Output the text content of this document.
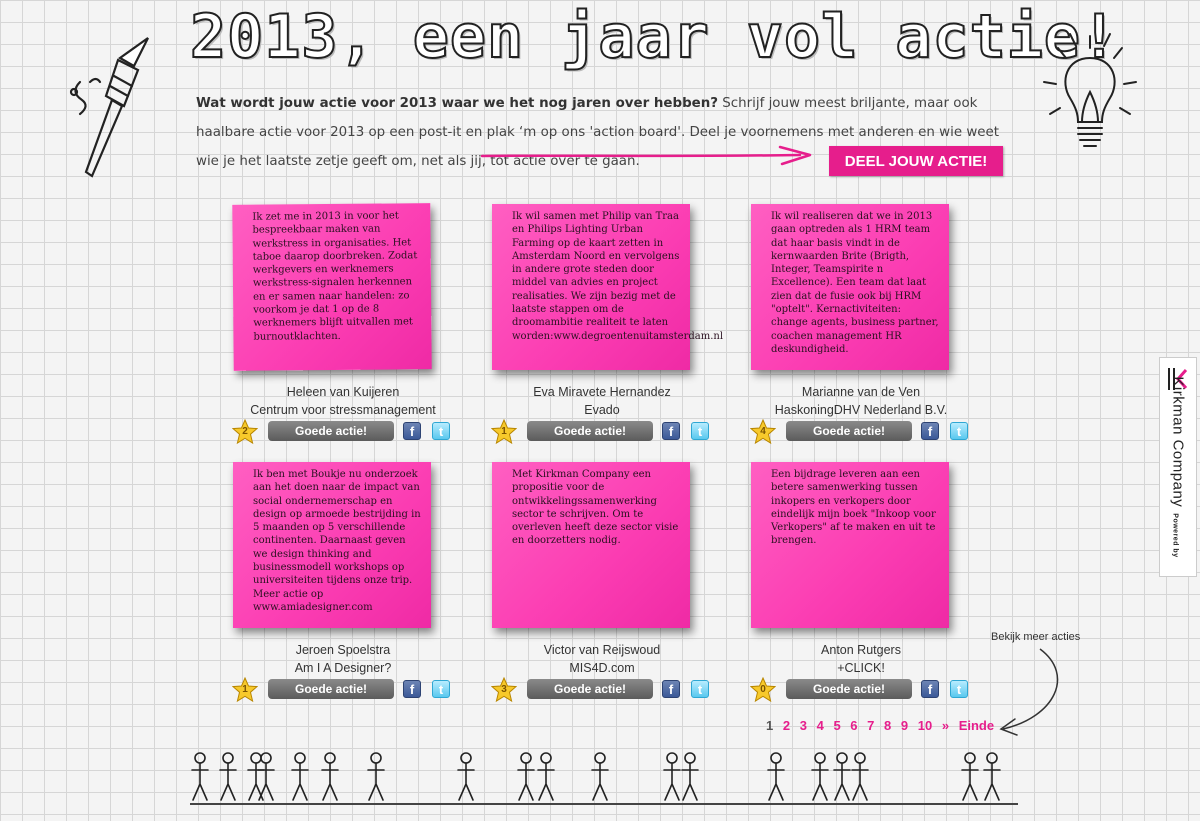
2013, een jaar vol actie!
Wat wordt jouw actie voor 2013 waar we het nog jaren over hebben? Schrijf jouw meest briljante, maar ook haalbare actie voor 2013 op een post-it en plak ‘m op ons 'action board'. Deel je voornemens met anderen en wie weet wie je het laatste zetje geeft om, net als jij, tot actie over te gaan.	DEEL JOUW ACTIE!
Ik zet me in 2013 in voor het bespreekbaar maken van werkstress in organisaties. Het taboe daarop doorbreken. Zodat werkgevers en werknemers werkstress-signalen herkennen en er samen naar handelen: zo voorkom je dat 1 op de 8 werknemers blijft uitvallen met burnoutklachten.
Ik wil samen met Philip van Traa en Philips Lighting Urban Farming op de kaart zetten in Amsterdam Noord en vervolgens in andere grote steden door middel van advies en project realisaties. We zijn bezig met de laatste stappen om de droomambitie realiteit te laten worden:www.degroentenuitamsterdam.nl
Ik wil realiseren dat we in 2013 gaan optreden als 1 HRM team dat haar basis vindt in de kernwaarden Brite (Brigth, Integer, Teamspirite n Excellence). Een team dat laat zien dat de fusie ook bij HRM "optelt". Kernactiviteiten: change agents, business partner, coachen management HR deskundigheid.
Heleen van Kuijeren
Centrum voor stressmanagement
Eva Miravete Hernandez
Evado
Marianne van de Ven
HaskoningDHV Nederland B.V.
2	Goede actie!	f	t	1	Goede actie!	f	t	4	Goede actie!	f	t
Ik ben met Boukje nu onderzoek aan het doen naar de impact van social ondernemerschap en design op armoede bestrijding in 5 maanden op 5 verschillende continenten. Daarnaast geven we design thinking and businessmodell workshops op universiteiten tijdens onze trip. Meer actie op www.amiadesigner.com
Met Kirkman Company een propositie voor de ontwikkelingssamenwerking sector te schrijven. Om te overleven heeft deze sector visie en doorzetters nodig.
Een bijdrage leveren aan een betere samenwerking tussen inkopers en verkopers door eindelijk mijn boek "Inkoop voor Verkopers" af te maken en uit te brengen.
Jeroen Spoelstra
Am I A Designer?
Victor van Reijswoud
MIS4D.com
Anton Rutgers
+CLICK!
1	Goede actie!	f	t	3	Goede actie!	f	t	0	Goede actie!	f	t
Bekijk meer acties
1 2 3 4 5 6 7 8 9 10 » Einde
Kirkman CompanyPowered by
